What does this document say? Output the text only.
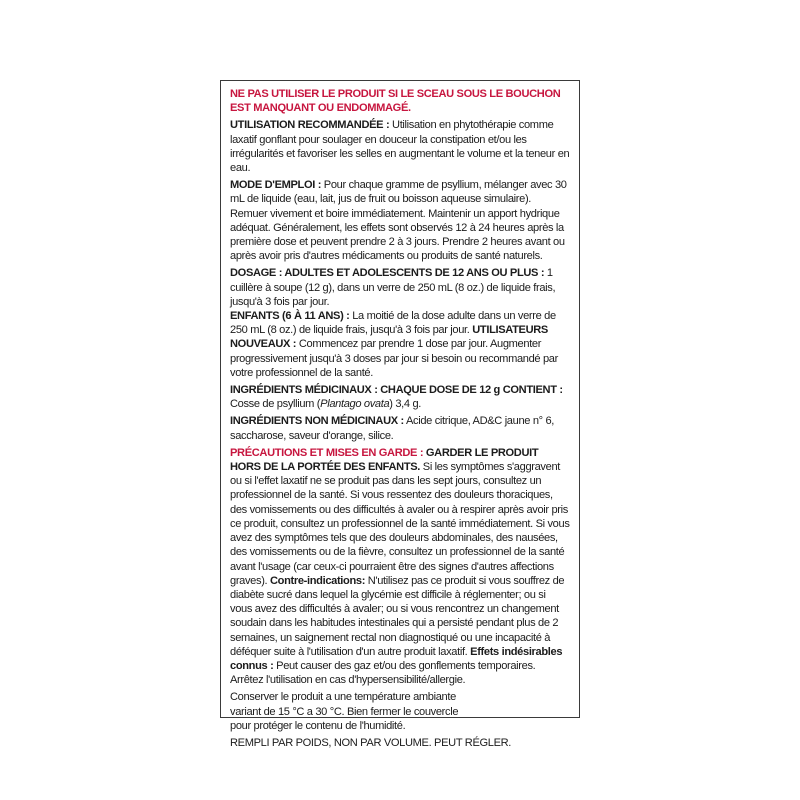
NE PAS UTILISER LE PRODUIT SI LE SCEAU SOUS LE BOUCHON EST MANQUANT OU ENDOMMAGÉ.

UTILISATION RECOMMANDÉE : Utilisation en phytothérapie comme laxatif gonflant pour soulager en douceur la constipation et/ou les irrégularités et favoriser les selles en augmentant le volume et la teneur en eau.

MODE D'EMPLOI : Pour chaque gramme de psyllium, mélanger avec 30 mL de liquide (eau, lait, jus de fruit ou boisson aqueuse simulaire). Remuer vivement et boire immédiatement. Maintenir un apport hydrique adéquat. Généralement, les effets sont observés 12 à 24 heures après la première dose et peuvent prendre 2 à 3 jours. Prendre 2 heures avant ou après avoir pris d'autres médicaments ou produits de santé naturels.

DOSAGE : ADULTES ET ADOLESCENTS DE 12 ANS OU PLUS : 1 cuillère à soupe (12 g), dans un verre de 250 mL (8 oz.) de liquide frais, jusqu'à 3 fois par jour.
ENFANTS (6 À 11 ANS) : La moitié de la dose adulte dans un verre de 250 mL (8 oz.) de liquide frais, jusqu'à 3 fois par jour. UTILISATEURS NOUVEAUX : Commencez par prendre 1 dose par jour. Augmenter progressivement jusqu'à 3 doses par jour si besoin ou recommandé par votre professionnel de la santé.

INGRÉDIENTS MÉDICINAUX : CHAQUE DOSE DE 12 g CONTIENT : Cosse de psyllium (Plantago ovata) 3,4 g.

INGRÉDIENTS NON MÉDICINAUX : Acide citrique, AD&C jaune n° 6, saccharose, saveur d'orange, silice.

PRÉCAUTIONS ET MISES EN GARDE : GARDER LE PRODUIT HORS DE LA PORTÉE DES ENFANTS. Si les symptômes s'aggravent ou si l'effet laxatif ne se produit pas dans les sept jours, consultez un professionnel de la santé. Si vous ressentez des douleurs thoraciques, des vomissements ou des difficultés à avaler ou à respirer après avoir pris ce produit, consultez un professionnel de la santé immédiatement. Si vous avez des symptômes tels que des douleurs abdominales, des nausées, des vomissements ou de la fièvre, consultez un professionnel de la santé avant l'usage (car ceux-ci pourraient être des signes d'autres affections graves). Contre-indications: N'utilisez pas ce produit si vous souffrez de diabète sucré dans lequel la glycémie est difficile à réglementer; ou si vous avez des difficultés à avaler; ou si vous rencontrez un changement soudain dans les habitudes intestinales qui a persisté pendant plus de 2 semaines, un saignement rectal non diagnostiqué ou une incapacité à déféquer suite à l'utilisation d'un autre produit laxatif. Effets indésirables connus : Peut causer des gaz et/ou des gonflements temporaires. Arrêtez l'utilisation en cas d'hypersensibilité/allergie.

Conserver le produit a une température ambiante variant de 15 °C a 30 °C. Bien fermer le couvercle pour protéger le contenu de l'humidité.

REMPLI PAR POIDS, NON PAR VOLUME. PEUT RÉGLER.
